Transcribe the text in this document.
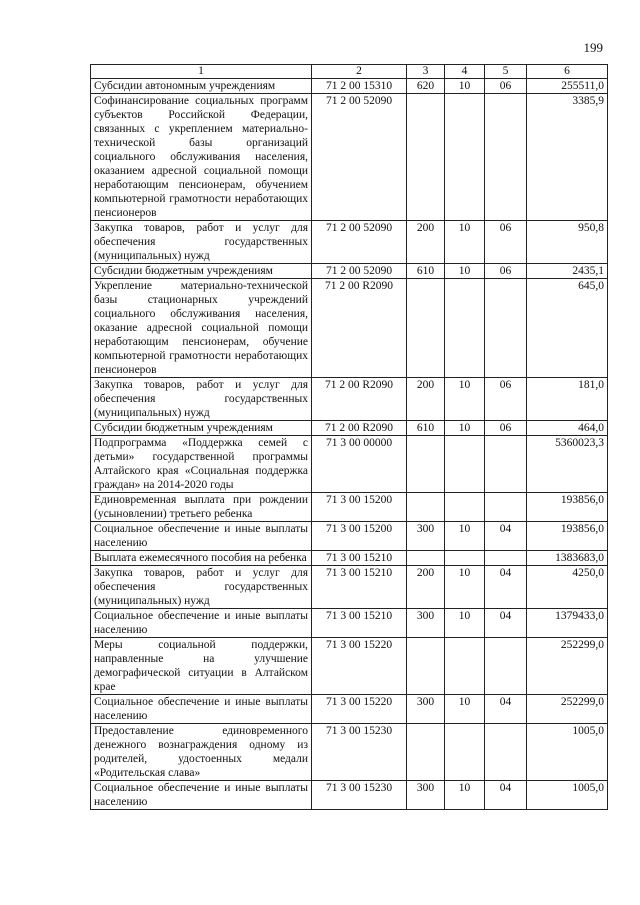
199
1	2	3	4	5	6
Субсидии автономным учреждениям	71 2 00 15310	620	10	06	255511,0
Софинансирование социальных программ субъектов Российской Федерации, связанных с укреплением материально-технической базы организаций социального обслуживания населения, оказанием адресной социальной помощи неработающим пенсионерам, обучением компьютерной грамотности неработающих пенсионеров	71 2 00 52090				3385,9
Закупка товаров, работ и услуг для обеспечения государственных (муниципальных) нужд	71 2 00 52090	200	10	06	950,8
Субсидии бюджетным учреждениям	71 2 00 52090	610	10	06	2435,1
Укрепление материально-технической базы стационарных учреждений социального обслуживания населения, оказание адресной социальной помощи неработающим пенсионерам, обучение компьютерной грамотности неработающих пенсионеров	71 2 00 R2090				645,0
Закупка товаров, работ и услуг для обеспечения государственных (муниципальных) нужд	71 2 00 R2090	200	10	06	181,0
Субсидии бюджетным учреждениям	71 2 00 R2090	610	10	06	464,0
Подпрограмма «Поддержка семей с детьми» государственной программы Алтайского края «Социальная поддержка граждан» на 2014-2020 годы	71 3 00 00000				5360023,3
Единовременная выплата при рождении (усыновлении) третьего ребенка	71 3 00 15200				193856,0
Социальное обеспечение и иные выплаты населению	71 3 00 15200	300	10	04	193856,0
Выплата ежемесячного пособия на ребенка	71 3 00 15210				1383683,0
Закупка товаров, работ и услуг для обеспечения государственных (муниципальных) нужд	71 3 00 15210	200	10	04	4250,0
Социальное обеспечение и иные выплаты населению	71 3 00 15210	300	10	04	1379433,0
Меры социальной поддержки, направленные на улучшение демографической ситуации в Алтайском крае	71 3 00 15220				252299,0
Социальное обеспечение и иные выплаты населению	71 3 00 15220	300	10	04	252299,0
Предоставление единовременного денежного вознаграждения одному из родителей, удостоенных медали «Родительская слава»	71 3 00 15230				1005,0
Социальное обеспечение и иные выплаты населению	71 3 00 15230	300	10	04	1005,0
